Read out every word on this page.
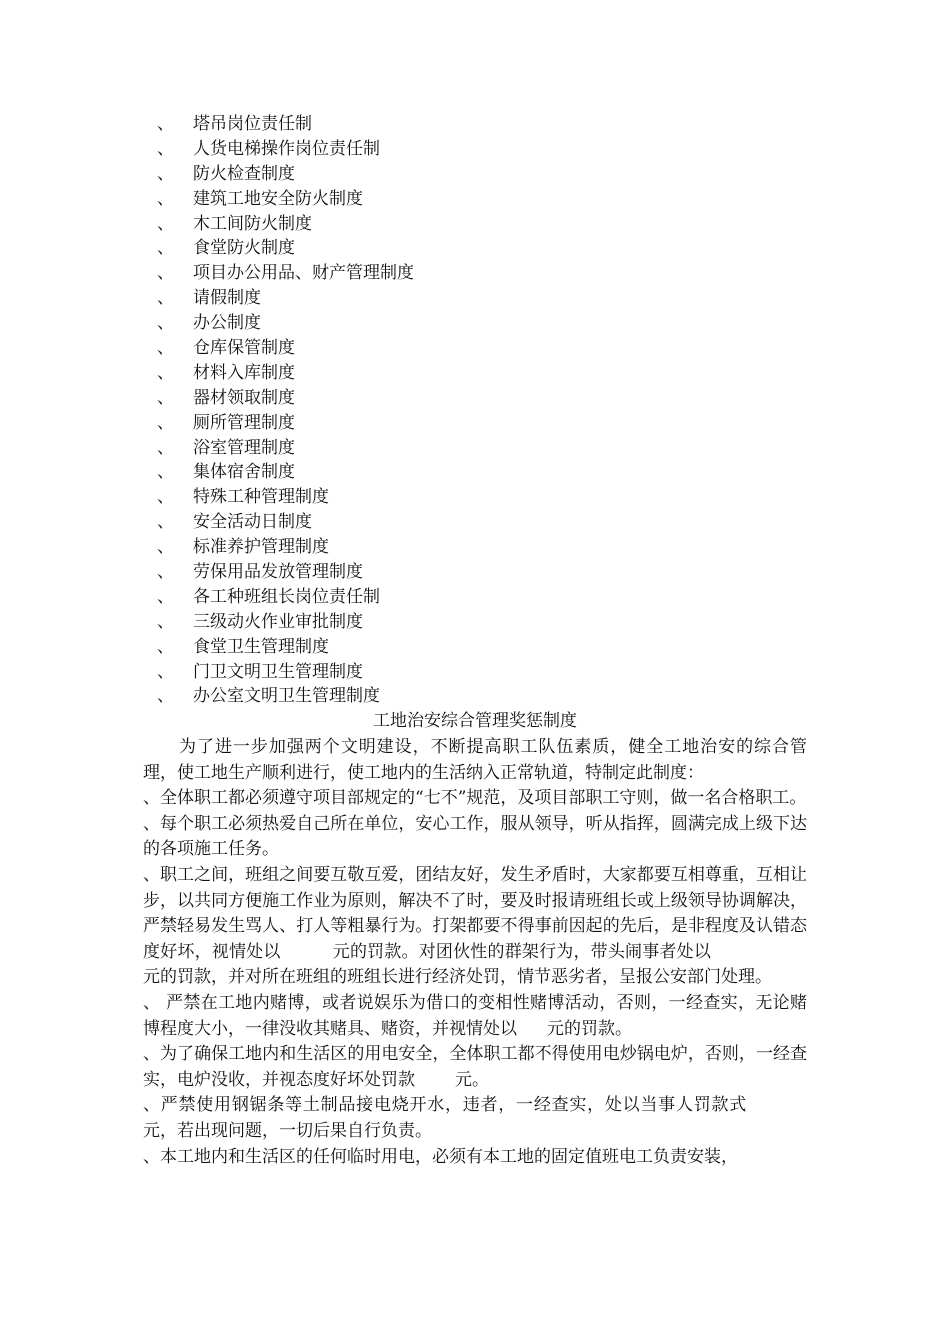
、 塔吊岗位责任制
、 人货电梯操作岗位责任制
、 防火检查制度
、 建筑工地安全防火制度
、 木工间防火制度
、 食堂防火制度
、 项目办公用品、财产管理制度
、 请假制度
、 办公制度
、 仓库保管制度
、 材料入库制度
、 器材领取制度
、 厕所管理制度
、 浴室管理制度
、 集体宿舍制度
、 特殊工种管理制度
、 安全活动日制度
、 标准养护管理制度
、 劳保用品发放管理制度
、 各工种班组长岗位责任制
、 三级动火作业审批制度
、 食堂卫生管理制度
、 门卫文明卫生管理制度
、 办公室文明卫生管理制度
工地治安综合管理奖惩制度

为了进一步加强两个文明建设，不断提高职工队伍素质，健全工地治安的综合管理，使工地生产顺利进行，使工地内的生活纳入正常轨道，特制定此制度：

、全体职工都必须遵守项目部规定的“七不”规范，及项目部职工守则，做一名合格职工。

、每个职工必须热爱自己所在单位，安心工作，服从领导，听从指挥，圆满完成上级下达的各项施工任务。

、职工之间，班组之间要互敬互爱，团结友好，发生矛盾时，大家都要互相尊重，互相让步，以共同方便施工作业为原则，解决不了时，要及时报请班组长或上级领导协调解决，严禁轻易发生骂人、打人等粗暴行为。打架都要不得事前因起的先后，是非程度及认错态度好坏，视情处以	元的罚款。对团伙性的群架行为，带头闹事者处以元的罚款，并对所在班组的班组长进行经济处罚，情节恶劣者，呈报公安部门处理。

、 严禁在工地内赌博，或者说娱乐为借口的变相性赌博活动，否则，一经查实，无论赌博程度大小，一律没收其赌具、赌资，并视情处以 元的罚款。

、为了确保工地内和生活区的用电安全，全体职工都不得使用电炒锅电炉，否则，一经查实，电炉没收，并视态度好坏处罚款 元。

、严禁使用钢锯条等土制品接电烧开水，违者，一经查实，处以当事人罚款式元，若出现问题，一切后果自行负责。

、本工地内和生活区的任何临时用电，必须有本工地的固定值班电工负责安装，
